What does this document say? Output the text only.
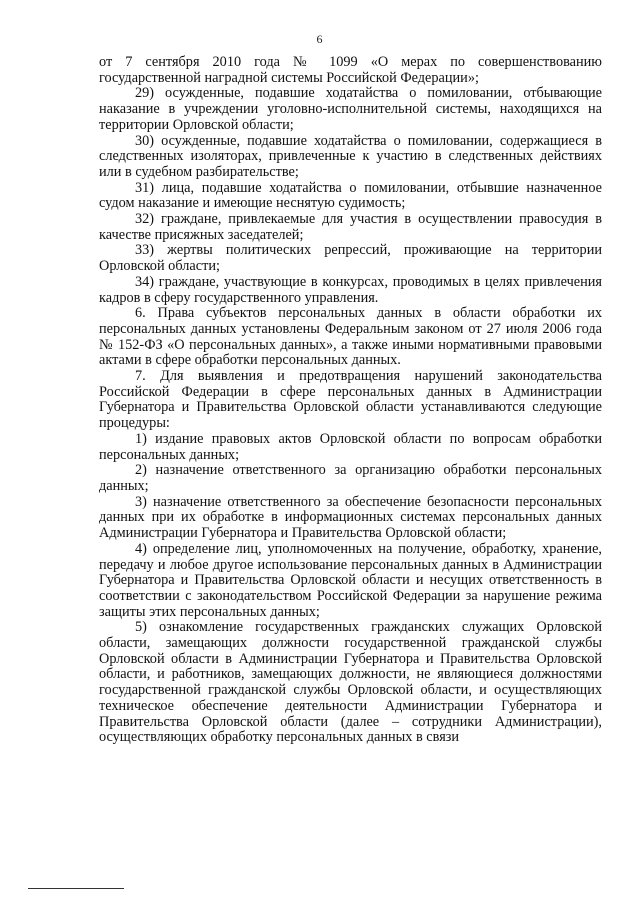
6

от 7 сентября 2010 года № 1099 «О мерах по совершенствованию государственной наградной системы Российской Федерации»;

29) осужденные, подавшие ходатайства о помиловании, отбывающие наказание в учреждении уголовно-исполнительной системы, находящихся на территории Орловской области;

30) осужденные, подавшие ходатайства о помиловании, содержащиеся в следственных изоляторах, привлеченные к участию в следственных действиях или в судебном разбирательстве;

31) лица, подавшие ходатайства о помиловании, отбывшие назначенное судом наказание и имеющие неснятую судимость;

32) граждане, привлекаемые для участия в осуществлении правосудия в качестве присяжных заседателей;

33) жертвы политических репрессий, проживающие на территории Орловской области;

34) граждане, участвующие в конкурсах, проводимых в целях привлечения кадров в сферу государственного управления.

6. Права субъектов персональных данных в области обработки их персональных данных установлены Федеральным законом от 27 июля 2006 года № 152-ФЗ «О персональных данных», а также иными нормативными правовыми актами в сфере обработки персональных данных.

7. Для выявления и предотвращения нарушений законодательства Российской Федерации в сфере персональных данных в Администрации Губернатора и Правительства Орловской области устанавливаются следующие процедуры:

1) издание правовых актов Орловской области по вопросам обработки персональных данных;

2) назначение ответственного за организацию обработки персональных данных;

3) назначение ответственного за обеспечение безопасности персональных данных при их обработке в информационных системах персональных данных Администрации Губернатора и Правительства Орловской области;

4) определение лиц, уполномоченных на получение, обработку, хранение, передачу и любое другое использование персональных данных в Администрации Губернатора и Правительства Орловской области и несущих ответственность в соответствии с законодательством Российской Федерации за нарушение режима защиты этих персональных данных;

5) ознакомление государственных гражданских служащих Орловской области, замещающих должности государственной гражданской службы Орловской области в Администрации Губернатора и Правительства Орловской области, и работников, замещающих должности, не являющиеся должностями государственной гражданской службы Орловской области, и осуществляющих техническое обеспечение деятельности Администрации Губернатора и Правительства Орловской области (далее – сотрудники Администрации), осуществляющих обработку персональных данных в связи
